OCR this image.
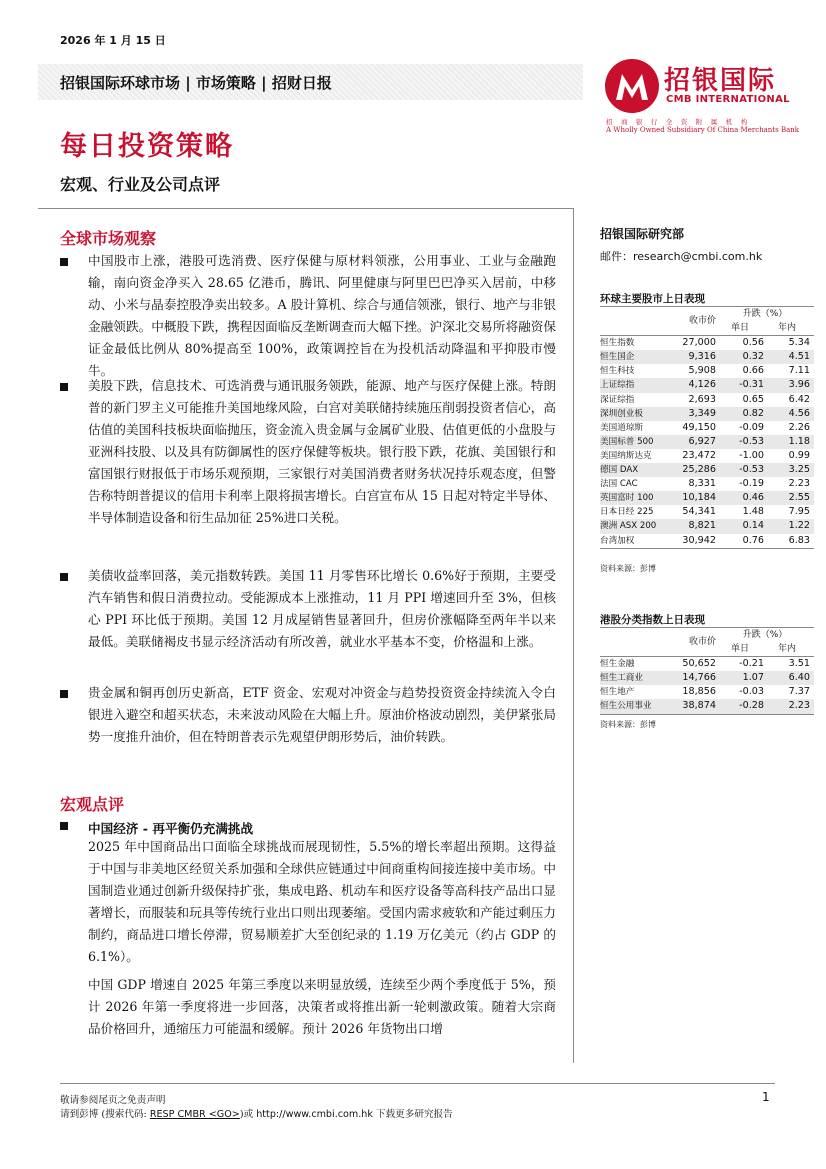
2026 年 1 月 15 日
招银国际环球市场 | 市场策略 | 招财日报	招银国际
CMB INTERNATIONAL
招 商 银 行 全 资 附 属 机 构
A Wholly Owned Subsidiary Of China Merchants Bank
每日投资策略
宏观、行业及公司点评
全球市场观察
中国股市上涨，港股可选消费、医疗保健与原材料领涨，公用事业、工业与金融跑输，南向资金净买入 28.65 亿港币，腾讯、阿里健康与阿里巴巴净买入居前，中移动、小米与晶泰控股净卖出较多。A 股计算机、综合与通信领涨，银行、地产与非银金融领跌。中概股下跌，携程因面临反垄断调查而大幅下挫。沪深北交易所将融资保证金最低比例从 80%提高至 100%，政策调控旨在为投机活动降温和平抑股市慢牛。
美股下跌，信息技术、可选消费与通讯服务领跌，能源、地产与医疗保健上涨。特朗普的新门罗主义可能推升美国地缘风险，白宫对美联储持续施压削弱投资者信心，高估值的美国科技板块面临抛压，资金流入贵金属与金属矿业股、估值更低的小盘股与亚洲科技股、以及具有防御属性的医疗保健等板块。银行股下跌，花旗、美国银行和富国银行财报低于市场乐观预期，三家银行对美国消费者财务状况持乐观态度，但警告称特朗普提议的信用卡利率上限将损害增长。白宫宣布从 15 日起对特定半导体、半导体制造设备和衍生品加征 25%进口关税。
美债收益率回落，美元指数转跌。美国 11 月零售环比增长 0.6%好于预期，主要受汽车销售和假日消费拉动。受能源成本上涨推动，11 月 PPI 增速回升至 3%，但核心 PPI 环比低于预期。美国 12 月成屋销售显著回升，但房价涨幅降至两年半以来最低。美联储褐皮书显示经济活动有所改善，就业水平基本不变，价格温和上涨。
贵金属和铜再创历史新高，ETF 资金、宏观对冲资金与趋势投资资金持续流入令白银进入避空和超买状态，未来波动风险在大幅上升。原油价格波动剧烈，美伊紧张局势一度推升油价，但在特朗普表示先观望伊朗形势后，油价转跌。
宏观点评
中国经济 - 再平衡仍充满挑战
2025 年中国商品出口面临全球挑战而展现韧性，5.5%的增长率超出预期。这得益于中国与非美地区经贸关系加强和全球供应链通过中间商重构间接连接中美市场。中国制造业通过创新升级保持扩张，集成电路、机动车和医疗设备等高科技产品出口显著增长，而服装和玩具等传统行业出口则出现萎缩。受国内需求疲软和产能过剩压力制约，商品进口增长停滞，贸易顺差扩大至创纪录的 1.19 万亿美元（约占 GDP 的 6.1%）。
中国 GDP 增速自 2025 年第三季度以来明显放缓，连续至少两个季度低于 5%，预计 2026 年第一季度将进一步回落，决策者或将推出新一轮刺激政策。随着大宗商品价格回升，通缩压力可能温和缓解。预计 2026 年货物出口增
招银国际研究部
邮件：research@cmbi.com.hk
环球主要股市上日表现
	收市价	升跌（%）	
		单日	年内
恒生指数	27,000	0.56	5.34
恒生国企	9,316	0.32	4.51
恒生科技	5,908	0.66	7.11
上证综指	4,126	-0.31	3.96
深证综指	2,693	0.65	6.42
深圳创业板	3,349	0.82	4.56
美国道琼斯	49,150	-0.09	2.26
美国标普 500	6,927	-0.53	1.18
美国纳斯达克	23,472	-1.00	0.99
德国 DAX	25,286	-0.53	3.25
法国 CAC	8,331	-0.19	2.23
英国富时 100	10,184	0.46	2.55
日本日经 225	54,341	1.48	7.95
澳洲 ASX 200	8,821	0.14	1.22
台湾加权	30,942	0.76	6.83
资料来源：彭博
港股分类指数上日表现
	收市价	升跌（%）	
		单日	年内
恒生金融	50,652	-0.21	3.51
恒生工商业	14,766	1.07	6.40
恒生地产	18,856	-0.03	7.37
恒生公用事业	38,874	-0.28	2.23
资料来源：彭博
敬请参阅尾页之免责声明
请到彭博 (搜索代码: RESP CMBR <GO>)或 http://www.cmbi.com.hk 下载更多研究报告
1
